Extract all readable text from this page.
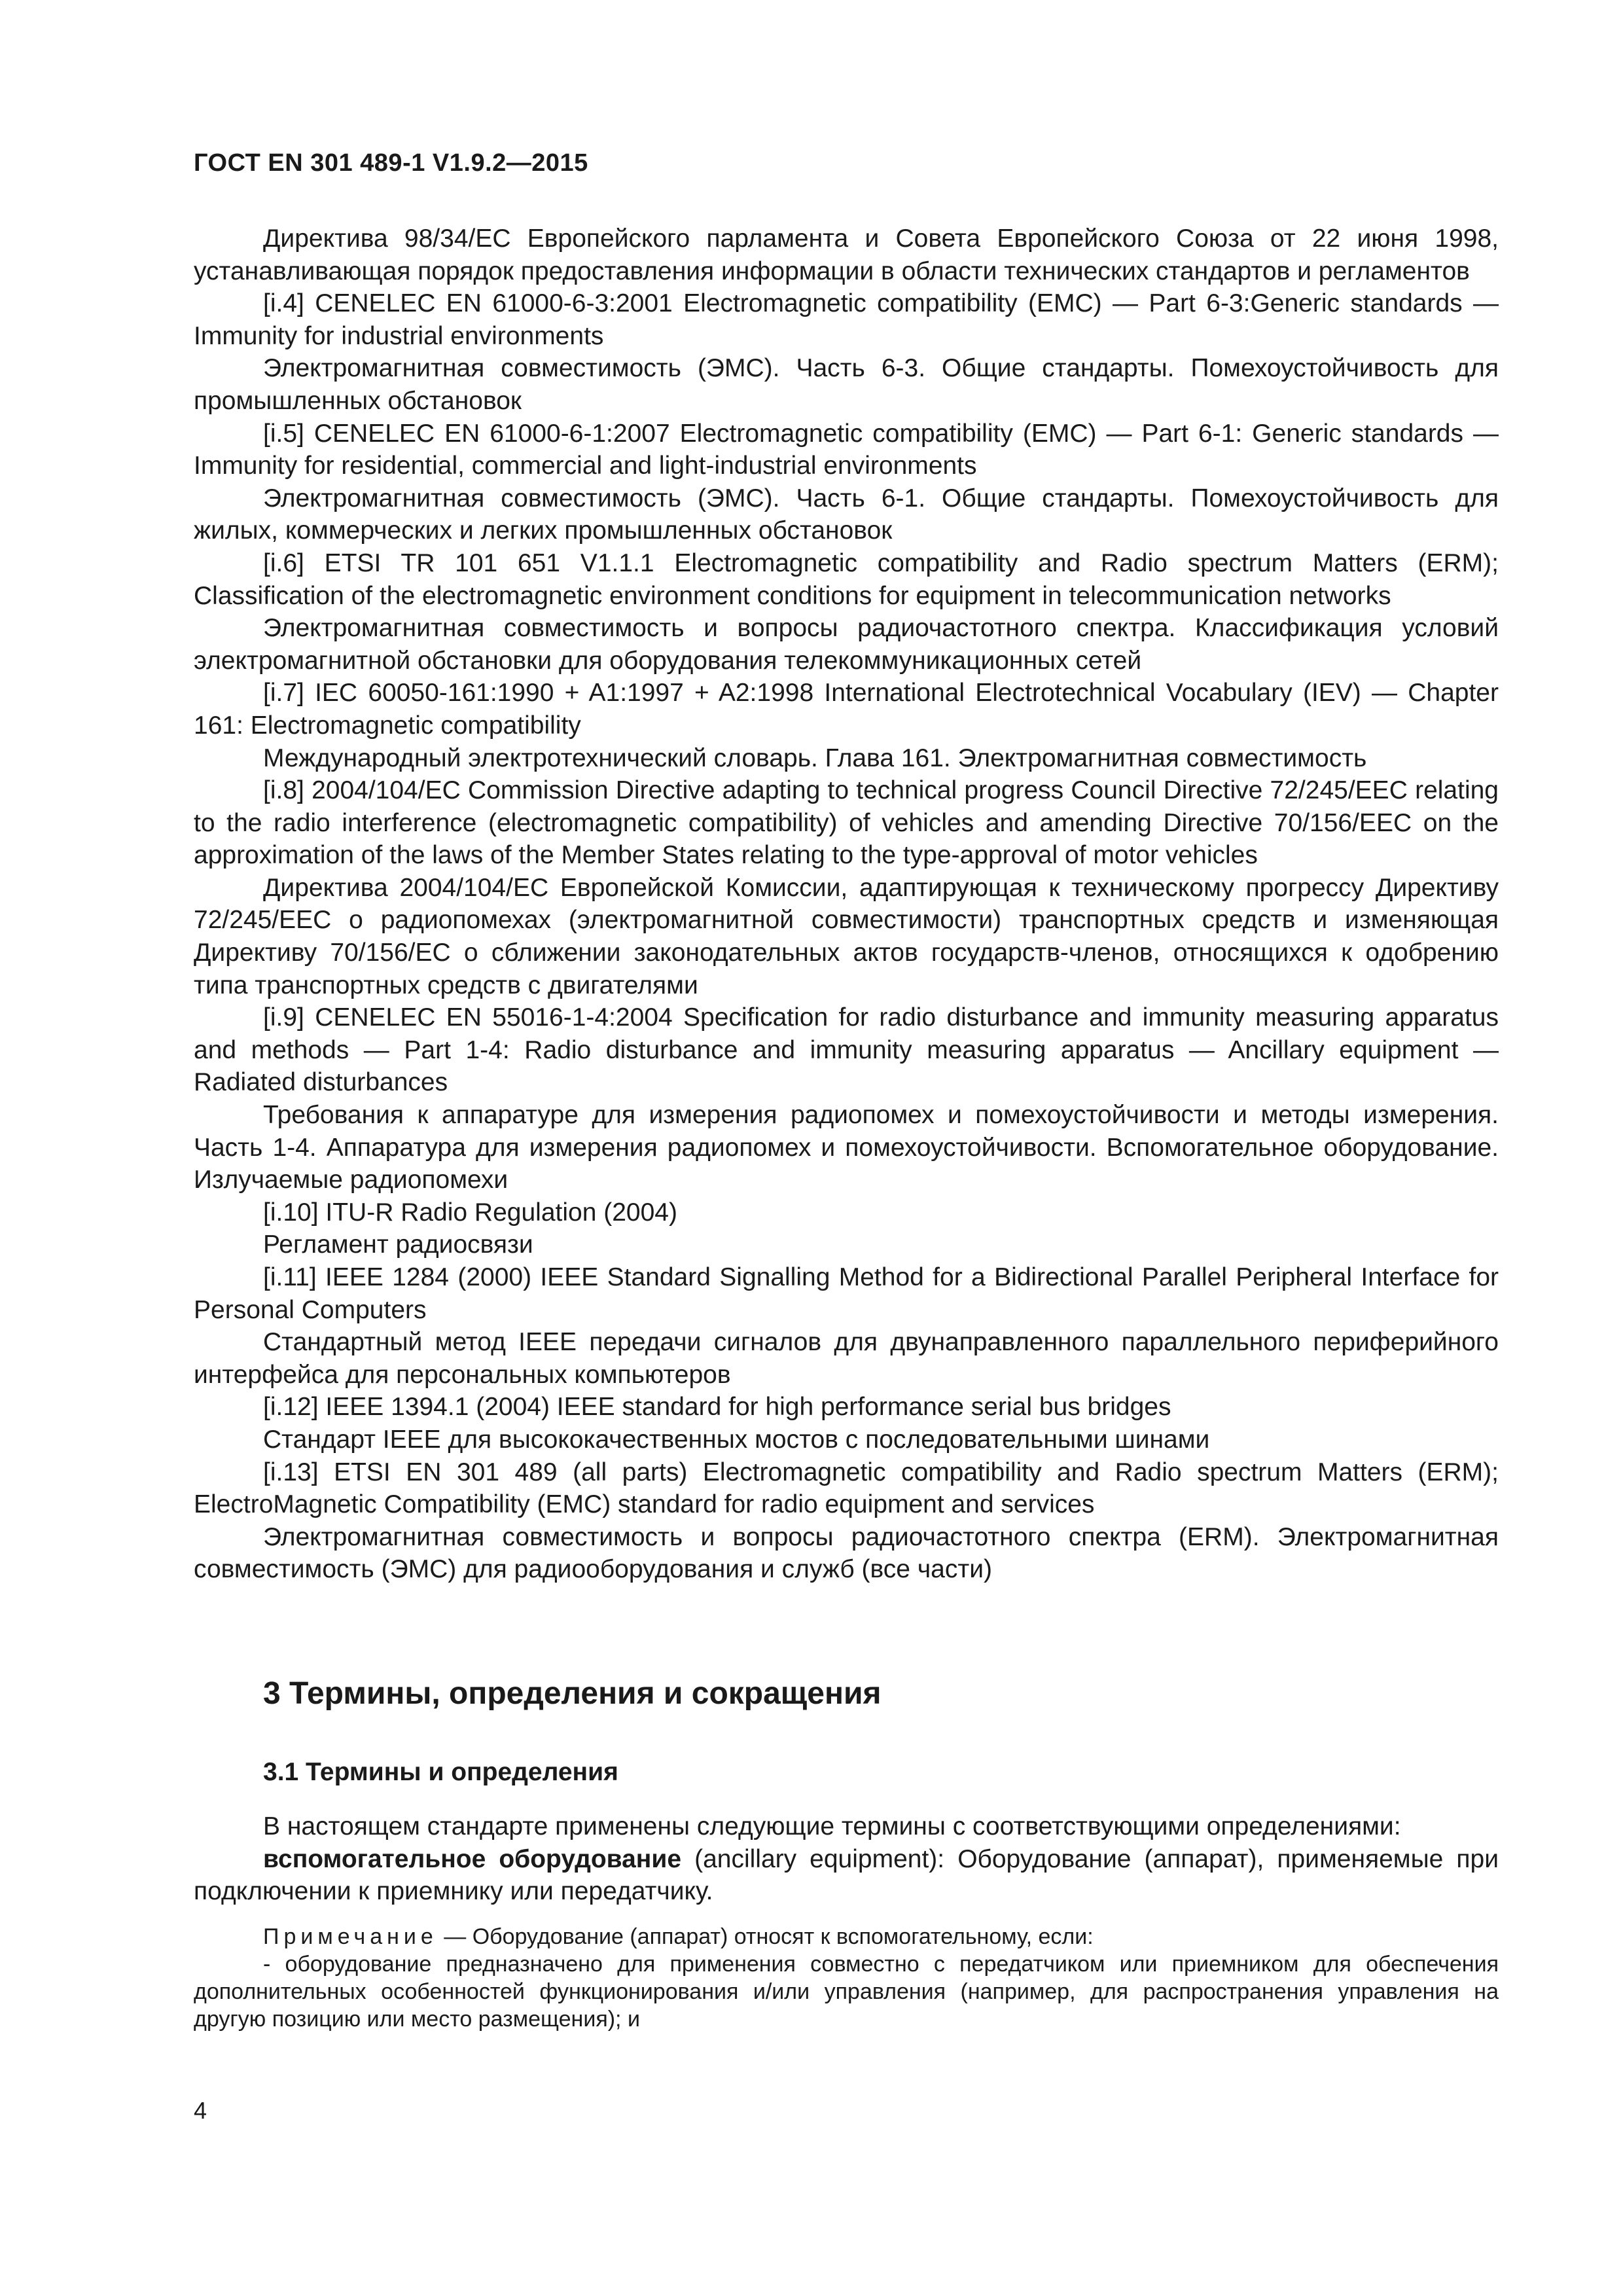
ГОСТ EN 301 489-1 V1.9.2—2015

Директива 98/34/ЕС Европейского парламента и Совета Европейского Союза от 22 июня 1998, устанавливающая порядок предоставления информации в области технических стандартов и регламентов

[i.4] CENELEC EN 61000-6-3:2001 Electromagnetic compatibility (EMC) — Part 6-3:Generic standards — Immunity for industrial environments

Электромагнитная совместимость (ЭМС). Часть 6-3. Общие стандарты. Помехоустойчивость для промышленных обстановок

[i.5] CENELEC EN 61000-6-1:2007 Electromagnetic compatibility (EMC) — Part 6-1: Generic standards — Immunity for residential, commercial and light-industrial environments

Электромагнитная совместимость (ЭМС). Часть 6-1. Общие стандарты. Помехоустойчивость для жилых, коммерческих и легких промышленных обстановок

[i.6] ETSI TR 101 651 V1.1.1 Electromagnetic compatibility and Radio spectrum Matters (ERM); Classification of the electromagnetic environment conditions for equipment in telecommunication networks

Электромагнитная совместимость и вопросы радиочастотного спектра. Классификация условий электромагнитной обстановки для оборудования телекоммуникационных сетей

[i.7] IEC 60050-161:1990 + A1:1997 + A2:1998 International Electrotechnical Vocabulary (IEV) — Chapter 161: Electromagnetic compatibility

Международный электротехнический словарь. Глава 161. Электромагнитная совместимость

[i.8] 2004/104/EC Commission Directive adapting to technical progress Council Directive 72/245/EEC relating to the radio interference (electromagnetic compatibility) of vehicles and amending Directive 70/156/EEC on the approximation of the laws of the Member States relating to the type-approval of motor vehicles

Директива 2004/104/ЕС Европейской Комиссии, адаптирующая к техническому прогрессу Директиву 72/245/EEC о радиопомехах (электромагнитной совместимости) транспортных средств и изменяющая Директиву 70/156/ЕС о сближении законодательных актов государств-членов, относящихся к одобрению типа транспортных средств с двигателями

[i.9] CENELEC EN 55016-1-4:2004 Specification for radio disturbance and immunity measuring apparatus and methods — Part 1-4: Radio disturbance and immunity measuring apparatus — Ancillary equipment — Radiated disturbances

Требования к аппаратуре для измерения радиопомех и помехоустойчивости и методы измерения. Часть 1-4. Аппаратура для измерения радиопомех и помехоустойчивости. Вспомогательное оборудование. Излучаемые радиопомехи

[i.10] ITU-R Radio Regulation (2004)

Регламент радиосвязи

[i.11] IEEE 1284 (2000) IEEE Standard Signalling Method for a Bidirectional Parallel Peripheral Interface for Personal Computers

Стандартный метод IEEE передачи сигналов для двунаправленного параллельного периферийного интерфейса для персональных компьютеров

[i.12] IEEE 1394.1 (2004) IEEE standard for high performance serial bus bridges

Стандарт IEEE для высококачественных мостов с последовательными шинами

[i.13] ETSI EN 301 489 (all parts) Electromagnetic compatibility and Radio spectrum Matters (ERM); ElectroMagnetic Compatibility (EMC) standard for radio equipment and services

Электромагнитная совместимость и вопросы радиочастотного спектра (ERM). Электромагнитная совместимость (ЭМС) для радиооборудования и служб (все части)

3 Термины, определения и сокращения
3.1 Термины и определения

В настоящем стандарте применены следующие термины с соответствующими определениями:

вспомогательное оборудование (ancillary equipment): Оборудование (аппарат), применяемые при подключении к приемнику или передатчику.

Примечание — Оборудование (аппарат) относят к вспомогательному, если:

- оборудование предназначено для применения совместно с передатчиком или приемником для обеспечения дополнительных особенностей функционирования и/или управления (например, для распространения управления на другую позицию или место размещения); и

4
